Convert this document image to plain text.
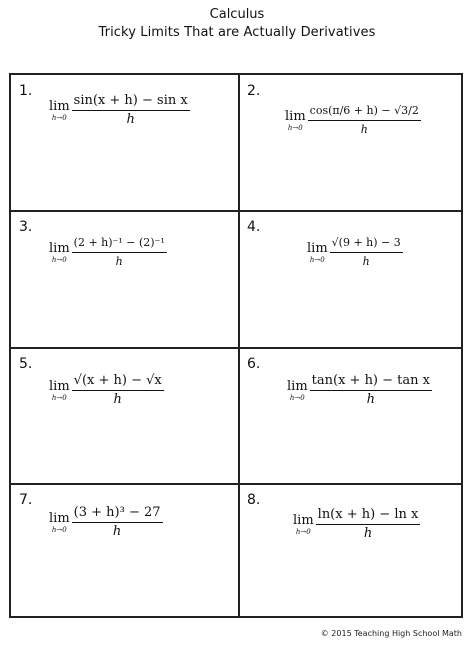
Calculus
Tricky Limits That are Actually Derivatives
1.
lim
$h\to 0 \frac{\text{sin(x + h) − sin x}}{h}$
2.
lim
$h\to 0 \frac{\cos(\pi/6 + h) - √3/2}{h}$
3.
lim
$h\to 0 \frac{\text{(2 + h)⁻¹ − (2)⁻¹}}{h}$
4.
lim
$h\to 0 \frac{√(9 + h) - 3}{h}$
5.
lim
$h\to 0 \frac{√(x + h) - √x}{h}$
6.
lim
$h\to 0 \frac{\text{tan(x + h) − tan x}}{h}$
7.
lim
$h\to 0 \frac{\text{(3 + h)³ − 27}}{h}$
8.
lim
$h\to 0 \frac{\text{ln(x + h) − ln x}}{h}$
© 2015 Teaching High School Math
